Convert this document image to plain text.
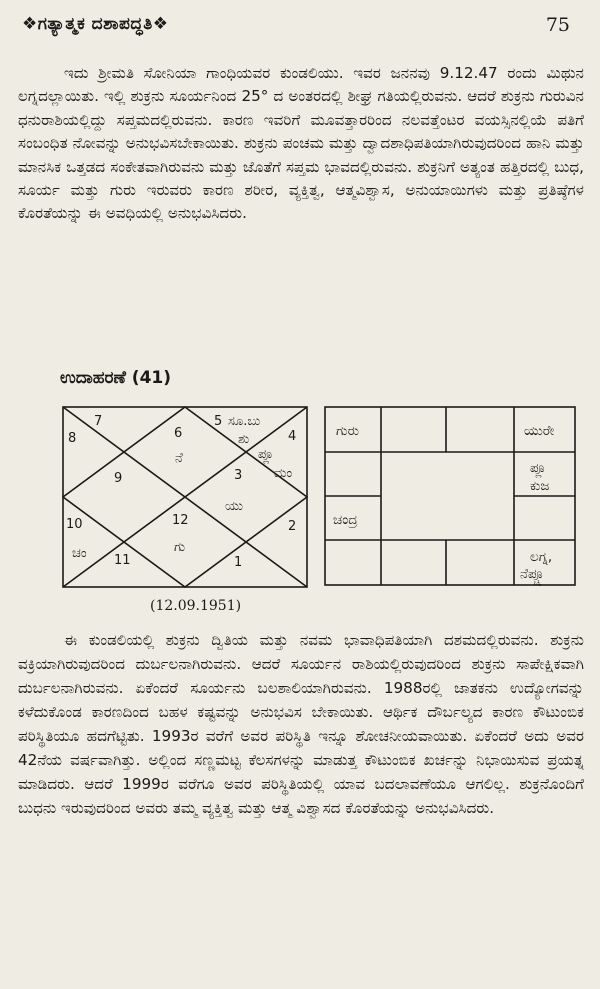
❖ಗತ್ಯಾತ್ಮಕ ದಶಾಪದ್ಧತಿ❖	75

ಇದು ಶ್ರೀಮತಿ ಸೋನಿಯಾ ಗಾಂಧಿಯವರ ಕುಂಡಲಿಯು. ಇವರ ಜನನವು 9.12.47 ರಂದು ಮಿಥುನ ಲಗ್ನದಲ್ಲಾಯಿತು. ಇಲ್ಲಿ ಶುಕ್ರನು ಸೂರ್ಯನಿಂದ 25° ದ ಅಂತರದಲ್ಲಿ ಶೀಘ್ರ ಗತಿಯಲ್ಲಿರುವನು. ಆದರೆ ಶುಕ್ರನು ಗುರುವಿನ ಧನುರಾಶಿಯಲ್ಲಿದ್ದು ಸಪ್ತಮದಲ್ಲಿರುವನು. ಕಾರಣ ಇವರಿಗೆ ಮೂವತ್ತಾರರಿಂದ ನಲವತ್ತೆಂಟರ ವಯಸ್ಸಿನಲ್ಲಿಯೆ ಪತಿಗೆ ಸಂಬಂಧಿತ ನೋವನ್ನು ಅನುಭವಿಸಬೇಕಾಯಿತು. ಶುಕ್ರನು ಪಂಚಮ ಮತ್ತು ದ್ವಾದಶಾಧಿಪತಿಯಾಗಿರುವುದರಿಂದ ಹಾನಿ ಮತ್ತು ಮಾನಸಿಕ ಒತ್ತಡದ ಸಂಕೇತವಾಗಿರುವನು ಮತ್ತು ಜೊತೆಗೆ ಸಪ್ತಮ ಭಾವದಲ್ಲಿರುವನು. ಶುಕ್ರನಿಗೆ ಅತ್ಯಂತ ಹತ್ತಿರದಲ್ಲಿ ಬುಧ, ಸೂರ್ಯ ಮತ್ತು ಗುರು ಇರುವರು ಕಾರಣ ಶರೀರ, ವ್ಯಕ್ತಿತ್ವ, ಆತ್ಮವಿಶ್ವಾಸ, ಅನುಯಾಯಿಗಳು ಮತ್ತು ಪ್ರತಿಷ್ಠೆಗಳ ಕೊರತೆಯನ್ನು ಈ ಅವಧಿಯಲ್ಲಿ ಅನುಭವಿಸಿದರು.

ಉದಾಹರಣೆ (41)
7
6
5
4
8
9	3
10	12	2
11	1
ಸೂ.ಬು
ಶು
ನೆ	ಪ್ಲೂ
ಮಂ
ಯು
ಗು
ಚಂ
ಗುರು	ಯುರೇ
ಪ್ಲೂ
ಕುಜ
ಚಂದ್ರ
ಲಗ್ನ,
ನೆಪ್ಚ್ಯೂ
(12.09.1951)

ಈ ಕುಂಡಲಿಯಲ್ಲಿ ಶುಕ್ರನು ದ್ವಿತಿಯ ಮತ್ತು ನವಮ ಭಾವಾಧಿಪತಿಯಾಗಿ ದಶಮದಲ್ಲಿರುವನು. ಶುಕ್ರನು ವಕ್ರಿಯಾಗಿರುವುದರಿಂದ ದುರ್ಬಲನಾಗಿರುವನು. ಆದರೆ ಸೂರ್ಯನ ರಾಶಿಯಲ್ಲಿರುವುದರಿಂದ ಶುಕ್ರನು ಸಾಪೇಕ್ಷಿಕವಾಗಿ ದುರ್ಬಲನಾಗಿರುವನು. ಏಕೆಂದರೆ ಸೂರ್ಯನು ಬಲಶಾಲಿಯಾಗಿರುವನು. 1988ರಲ್ಲಿ ಜಾತಕನು ಉದ್ಯೋಗವನ್ನು ಕಳೆದುಕೊಂಡ ಕಾರಣದಿಂದ ಬಹಳ ಕಷ್ಟವನ್ನು ಅನುಭವಿಸ ಬೇಕಾಯಿತು. ಆರ್ಥಿಕ ದೌರ್ಬಲ್ಯದ ಕಾರಣ ಕೌಟುಂಬಿಕ ಪರಿಸ್ಥಿತಿಯೂ ಹದಗೆಟ್ಟಿತು. 1993ರ ವರೆಗೆ ಅವರ ಪರಿಸ್ಥಿತಿ ಇನ್ನೂ ಶೋಚನೀಯವಾಯಿತು. ಏಕೆಂದರೆ ಅದು ಅವರ 42ನೆಯ ವರ್ಷವಾಗಿತ್ತು. ಅಲ್ಲಿಂದ ಸಣ್ಣಮಟ್ಟ ಕೆಲಸಗಳನ್ನು ಮಾಡುತ್ತ ಕೌಟುಂಬಿಕ ಖರ್ಚನ್ನು ನಿಭಾಯಿಸುವ ಪ್ರಯತ್ನ ಮಾಡಿದರು. ಆದರೆ 1999ರ ವರೆಗೂ ಅವರ ಪರಿಸ್ಥಿತಿಯಲ್ಲಿ ಯಾವ ಬದಲಾವಣೆಯೂ ಆಗಲಿಲ್ಲ. ಶುಕ್ರನೊಂದಿಗೆ ಬುಧನು ಇರುವುದರಿಂದ ಅವರು ತಮ್ಮ ವ್ಯಕ್ತಿತ್ವ ಮತ್ತು ಆತ್ಮ ವಿಶ್ವಾಸದ ಕೊರತೆಯನ್ನು ಅನುಭವಿಸಿದರು.
